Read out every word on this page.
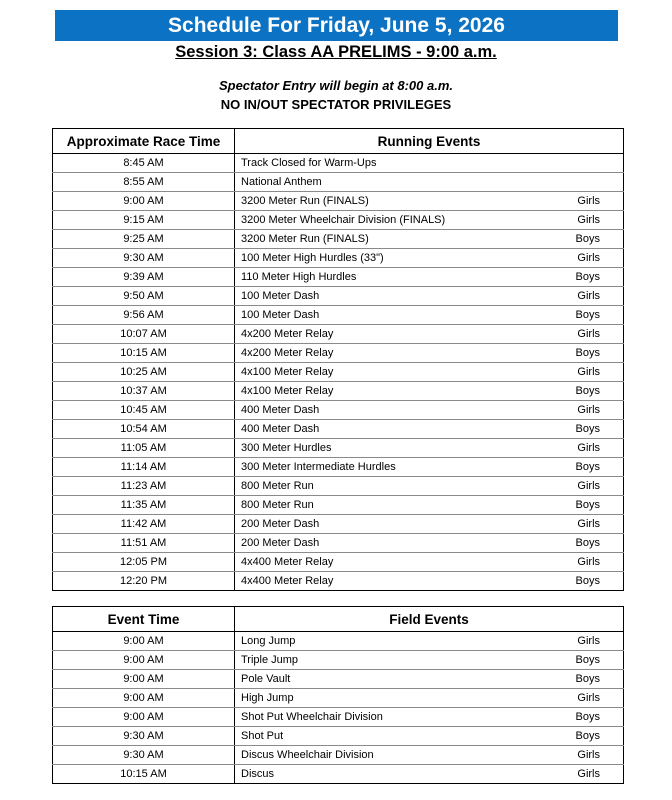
Schedule For Friday, June 5, 2026
Session 3: Class AA PRELIMS - 9:00 a.m.
Spectator Entry will begin at 8:00 a.m.
NO IN/OUT SPECTATOR PRIVILEGES
Approximate Race Time	Running Events	
8:45 AM	Track Closed for Warm-Ups	
8:55 AM	National Anthem	
9:00 AM	3200 Meter Run (FINALS)	Girls
9:15 AM	3200 Meter Wheelchair Division (FINALS)	Girls
9:25 AM	3200 Meter Run (FINALS)	Boys
9:30 AM	100 Meter High Hurdles (33")	Girls
9:39 AM	110 Meter High Hurdles	Boys
9:50 AM	100 Meter Dash	Girls
9:56 AM	100 Meter Dash	Boys
10:07 AM	4x200 Meter Relay	Girls
10:15 AM	4x200 Meter Relay	Boys
10:25 AM	4x100 Meter Relay	Girls
10:37 AM	4x100 Meter Relay	Boys
10:45 AM	400 Meter Dash	Girls
10:54 AM	400 Meter Dash	Boys
11:05 AM	300 Meter Hurdles	Girls
11:14 AM	300 Meter Intermediate Hurdles	Boys
11:23 AM	800 Meter Run	Girls
11:35 AM	800 Meter Run	Boys
11:42 AM	200 Meter Dash	Girls
11:51 AM	200 Meter Dash	Boys
12:05 PM	4x400 Meter Relay	Girls
12:20 PM	4x400 Meter Relay	Boys
Event Time	Field Events	
9:00 AM	Long Jump	Girls
9:00 AM	Triple Jump	Boys
9:00 AM	Pole Vault	Boys
9:00 AM	High Jump	Girls
9:00 AM	Shot Put Wheelchair Division	Boys
9:30 AM	Shot Put	Boys
9:30 AM	Discus Wheelchair Division	Girls
10:15 AM	Discus	Girls
